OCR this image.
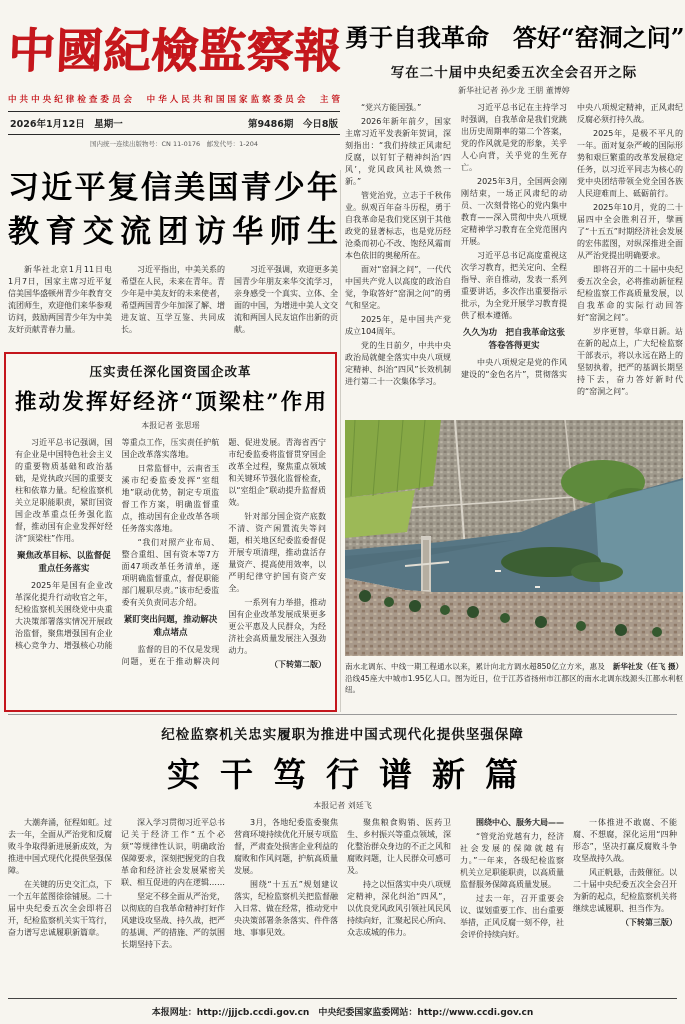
中國紀檢監察報
中共中央纪律检查委员会　中华人民共和国国家监察委员会　主管
2026年1月12日　星期一	第9486期　今日8版
国内统一连续出版物号：CN 11-0176　邮发代号：1-204
勇于自我革命　答好“窑洞之问”
写在二十届中央纪委五次全会召开之际
新华社记者 孙少龙 王朋 董博婷

“党兴方能国强。”

2026年新年前夕，国家主席习近平发表新年贺词，深刻指出：“我们持续正风肃纪反腐，以钉钉子精神纠治‘四风’，党风政风社风焕然一新。”

管党治党，立志于千秋伟业。纵观百年奋斗历程，勇于自我革命是我们党区别于其他政党的显著标志，也是党历经沧桑而初心不改、饱经风霜而本色依旧的奥秘所在。

面对“窑洞之问”，一代代中国共产党人以高度的政治自觉，争取答好“窑洞之问”的勇气和坚定。

2025年，是中国共产党成立104周年。

党的生日前夕，中共中央政治局就健全落实中央八项规定精神、纠治“四风”长效机制进行第二十一次集体学习。

习近平总书记在主持学习时强调，自我革命是我们党跳出历史周期率的第二个答案，党的作风就是党的形象，关乎人心向背，关乎党的生死存亡。

2025年3月，全国两会刚刚结束，一场正风肃纪的动员、一次刻骨铭心的党内集中教育——深入贯彻中央八项规定精神学习教育在全党范围内开展。

习近平总书记高度重视这次学习教育，把关定向、全程指导、亲自推动，发表一系列重要讲话，多次作出重要指示批示，为全党开展学习教育提供了根本遵循。

久久为功　把自我革命这张答卷答得更实

中央八项规定是党的作风建设的“金色名片”，贯彻落实中央八项规定精神，正风肃纪反腐必须打持久战。

2025年，是极不平凡的一年。面对复杂严峻的国际形势和艰巨繁重的改革发展稳定任务，以习近平同志为核心的党中央团结带领全党全国各族人民迎难而上、砥砺前行。

2025年10月，党的二十届四中全会胜利召开，擘画了“十五五”时期经济社会发展的宏伟蓝图，对纵深推进全面从严治党提出明确要求。

即将召开的二十届中央纪委五次全会，必将推动新征程纪检监察工作高质量发展，以自我革命的实际行动回答好“窑洞之问”。

岁序更替，华章日新。站在新的起点上，广大纪检监察干部表示，将以永远在路上的坚韧执着，把严的基调长期坚持下去，奋力答好新时代的“窑洞之问”。

习近平复信美国青少年
教育交流团访华师生

新华社北京1月11日电　1月7日，国家主席习近平复信美国华盛顿州青少年教育交流团师生，欢迎他们来华参观访问，鼓励两国青少年为中美友好贡献青春力量。

习近平指出，中美关系的希望在人民，未来在青年。青少年是中美友好的未来使者，希望两国青少年加深了解、增进友谊、互学互鉴、共同成长。

习近平强调，欢迎更多美国青少年朋友来华交流学习，亲身感受一个真实、立体、全面的中国，为增进中美人文交流和两国人民友谊作出新的贡献。

压实责任深化国资国企改革
推动发挥好经济“顶梁柱”作用
本报记者 张思瑶

习近平总书记强调，国有企业是中国特色社会主义的重要物质基础和政治基础，是党执政兴国的重要支柱和依靠力量。纪检监察机关立足职能职责，紧盯国资国企改革重点任务强化监督，推动国有企业发挥好经济“顶梁柱”作用。

聚焦改革目标、以监督促重点任务落实

2025年是国有企业改革深化提升行动收官之年，纪检监察机关围绕党中央重大决策部署落实情况开展政治监督，聚焦增强国有企业核心竞争力、增强核心功能等重点工作，压实责任护航国企改革落实落地。

日常监督中，云南省玉溪市纪委监委发挥“室组地”联动优势，制定专项监督工作方案，明确监督重点，推动国有企业改革各项任务落实落地。

“我们对照产业布局、整合重组、国有资本等7方面47项改革任务清单，逐项明确监督重点，督促职能部门履职尽责。”该市纪委监委有关负责同志介绍。

紧盯突出问题，推动解决难点堵点

监督的目的不仅是发现问题，更在于推动解决问题、促进发展。青海省西宁市纪委监委将监督贯穿国企改革全过程，聚焦重点领域和关键环节强化监督检查，以“室组企”联动提升监督质效。

针对部分国企资产底数不清、资产闲置流失等问题，相关地区纪委监委督促开展专项清理，推动盘活存量资产、提高使用效率，以严明纪律守护国有资产安全。

一系列有力举措，推动国有企业改革发展成果更多更公平惠及人民群众，为经济社会高质量发展注入强劲动力。

（下转第二版）	新华社发（任飞 摄）
南水北调东、中线一期工程通水以来，累计向北方调水超850亿立方米，惠及沿线45座大中城市1.95亿人口。图为近日，位于江苏省扬州市江都区的南水北调东线源头江都水利枢纽。

纪检监察机关忠实履职为推进中国式现代化提供坚强保障
实干笃行谱新篇
本报记者 刘廷飞

大潮奔涌，征程如虹。过去一年，全面从严治党和反腐败斗争取得新进展新成效，为推进中国式现代化提供坚强保障。

在关键的历史交汇点，下一个五年蓝图徐徐铺展。二十届中央纪委五次全会即将召开，纪检监察机关实干笃行，奋力谱写忠诚履职新篇章。

深入学习贯彻习近平总书记关于经济工作“五个必须”等规律性认识，明确政治保障要求，深刻把握党的自我革命和经济社会发展紧密关联、相互促进的内在逻辑……

坚定不移全面从严治党，以彻底的自我革命精神打好作风建设攻坚战、持久战，把严的基调、严的措施、严的氛围长期坚持下去。

3月，各地纪委监委聚焦营商环境持续优化开展专项监督，严肃查处损害企业利益的腐败和作风问题，护航高质量发展。

围绕“十五五”规划建议落实，纪检监察机关把监督融入日常、做在经常，推动党中央决策部署条条落实、件件落地、事事见效。

聚焦粮食购销、医药卫生、乡村振兴等重点领域，深化整治群众身边的不正之风和腐败问题，让人民群众可感可及。

持之以恒落实中央八项规定精神，深化纠治“四风”，以优良党风政风引领社风民风持续向好，汇聚起民心所向、众志成城的伟力。

围绕中心、服务大局——

“管党治党越有力，经济社会发展的保障就越有力。”一年来，各级纪检监察机关立足职能职责，以高质量监督服务保障高质量发展。

过去一年，召开重要会议、谋划重要工作、出台重要举措，正风反腐一刻不停，社会评价持续向好。

一体推进不敢腐、不能腐、不想腐，深化运用“四种形态”，坚决打赢反腐败斗争攻坚战持久战。

风正帆悬，击鼓催征。以二十届中央纪委五次全会召开为新的起点，纪检监察机关将继续忠诚履职、担当作为。

（下转第三版）

本报网址：http://jjjcb.ccdi.gov.cn　中央纪委国家监委网站：http://www.ccdi.gov.cn
